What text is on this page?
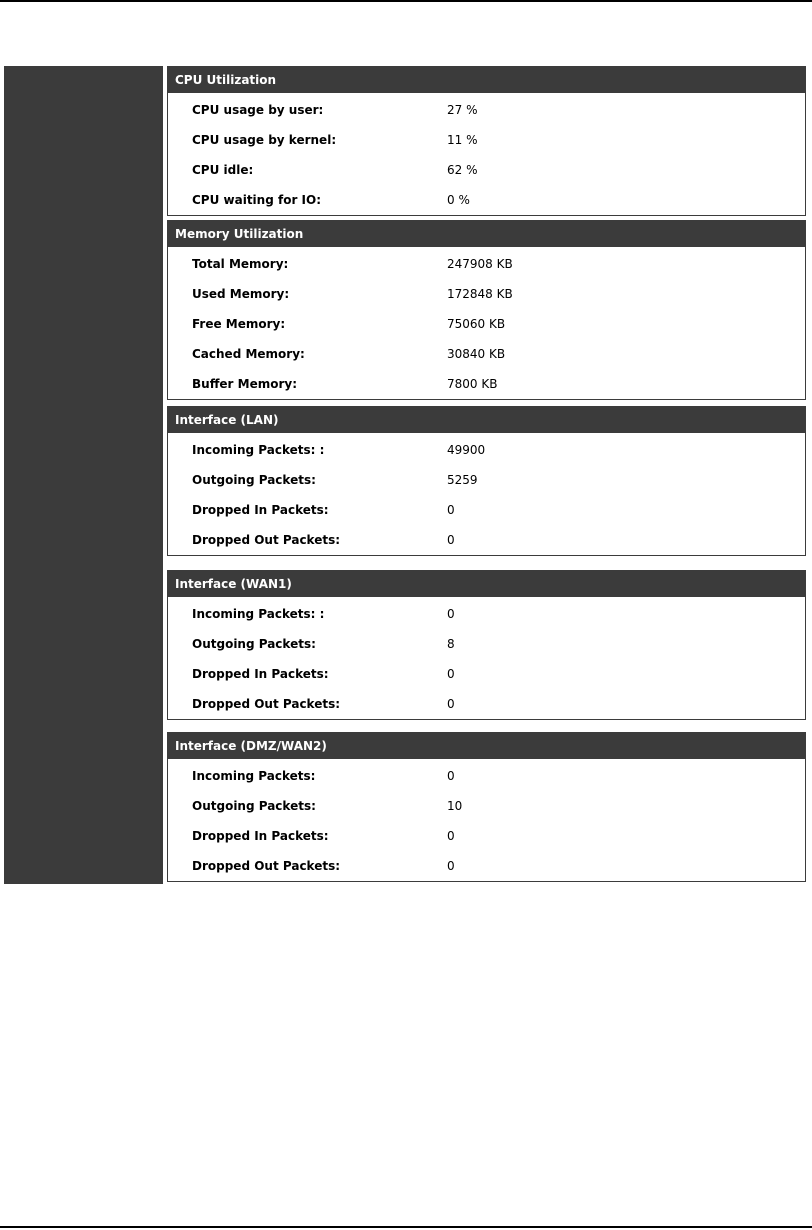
CPU Utilization
CPU usage by user:	27 %
CPU usage by kernel:	11 %
CPU idle:	62 %
CPU waiting for IO:	0 %
Memory Utilization
Total Memory:	247908 KB
Used Memory:	172848 KB
Free Memory:	75060 KB
Cached Memory:	30840 KB
Buffer Memory:	7800 KB
Interface (LAN)
Incoming Packets: :	49900
Outgoing Packets:	5259
Dropped In Packets:	0
Dropped Out Packets:	0
Interface (WAN1)
Incoming Packets: :	0
Outgoing Packets:	8
Dropped In Packets:	0
Dropped Out Packets:	0
Interface (DMZ/WAN2)
Incoming Packets:	0
Outgoing Packets:	10
Dropped In Packets:	0
Dropped Out Packets:	0
